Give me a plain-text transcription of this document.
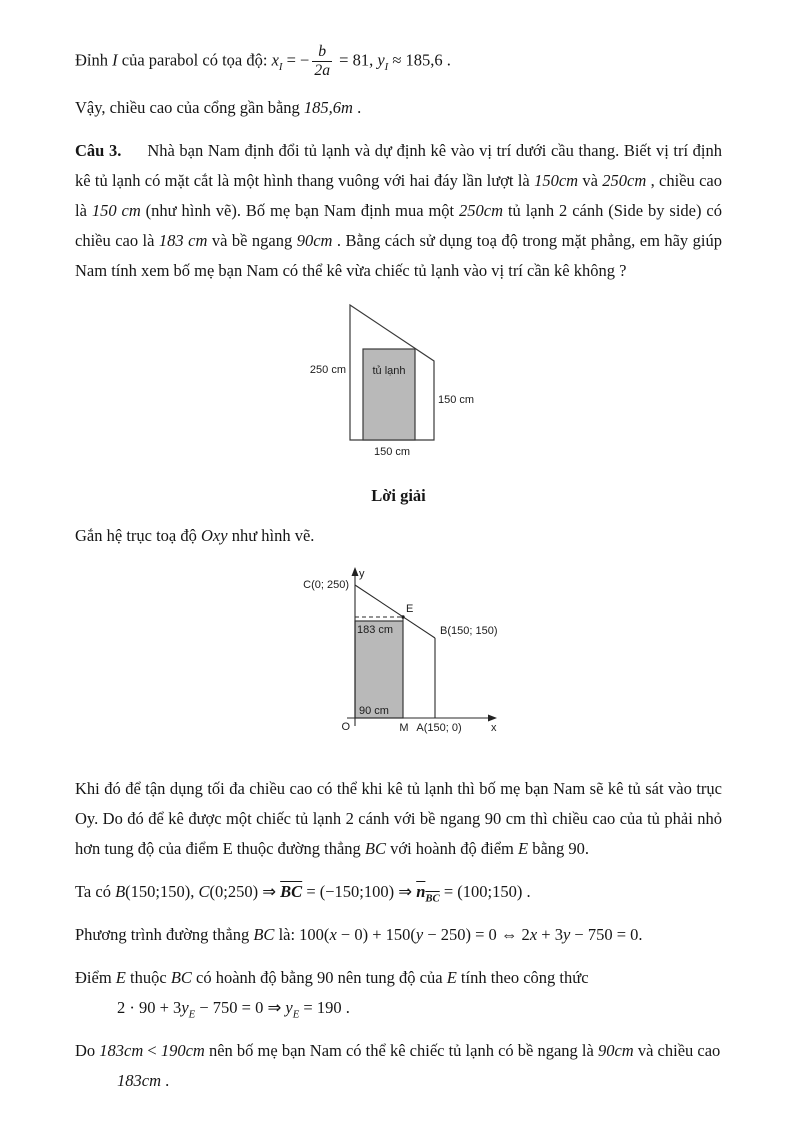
Đỉnh I của parabol có tọa độ: $x_I$ = − $\frac{b}{2a} = 81$, $y_I \approx 185,6$ .

Vậy, chiều cao của cổng gần bằng 185,6m .

Câu 3. Nhà bạn Nam định đổi tủ lạnh và dự định kê vào vị trí dưới cầu thang. Biết vị trí định kê tủ lạnh có mặt cắt là một hình thang vuông với hai đáy lần lượt là 150cm và 250cm , chiều cao là 150 cm (như hình vẽ). Bố mẹ bạn Nam định mua một 250cm tủ lạnh 2 cánh (Side by side) có chiều cao là 183 cm và bề ngang 90cm . Bằng cách sử dụng toạ độ trong mặt phẳng, em hãy giúp Nam tính xem bố mẹ bạn Nam có thể kê vừa chiếc tủ lạnh vào vị trí cần kê không ?

250 cm tủ lạnh
150 cm
150 cm
Lời giải

Gắn hệ trục toạ độ Oxy như hình vẽ.

y
C(0; 250)
E
B(150; 150)
183 cm
O
90 cm
M A(150; 0)	x

Khi đó để tận dụng tối đa chiều cao có thể khi kê tủ lạnh thì bố mẹ bạn Nam sẽ kê tủ sát vào trục Oy. Do đó để kê được một chiếc tủ lạnh 2 cánh với bề ngang 90 cm thì chiều cao của tủ phải nhỏ hơn tung độ của điểm E thuộc đường thẳng BC với hoành độ điểm E bằng 90.

Ta có B(150;150), C(0;250) ⇒ $\overline{BC}$ = (−150;100) ⇒ $n_{BC}$ = (100;150) .

Phương trình đường thẳng BC là: 100(x − 0) + 150(y − 250) = 0 ⇔ 2x + 3y − 750 = 0.

Điểm E thuộc BC có hoành độ bằng 90 nên tung độ của E tính theo công thức
$2 \cdot 90 + 3y_E - 750 = 0$ ⇒ $y_E = 190$ .

Do 183cm < 190cm nên bố mẹ bạn Nam có thể kê chiếc tủ lạnh có bề ngang là 90cm và chiều cao
183cm .
